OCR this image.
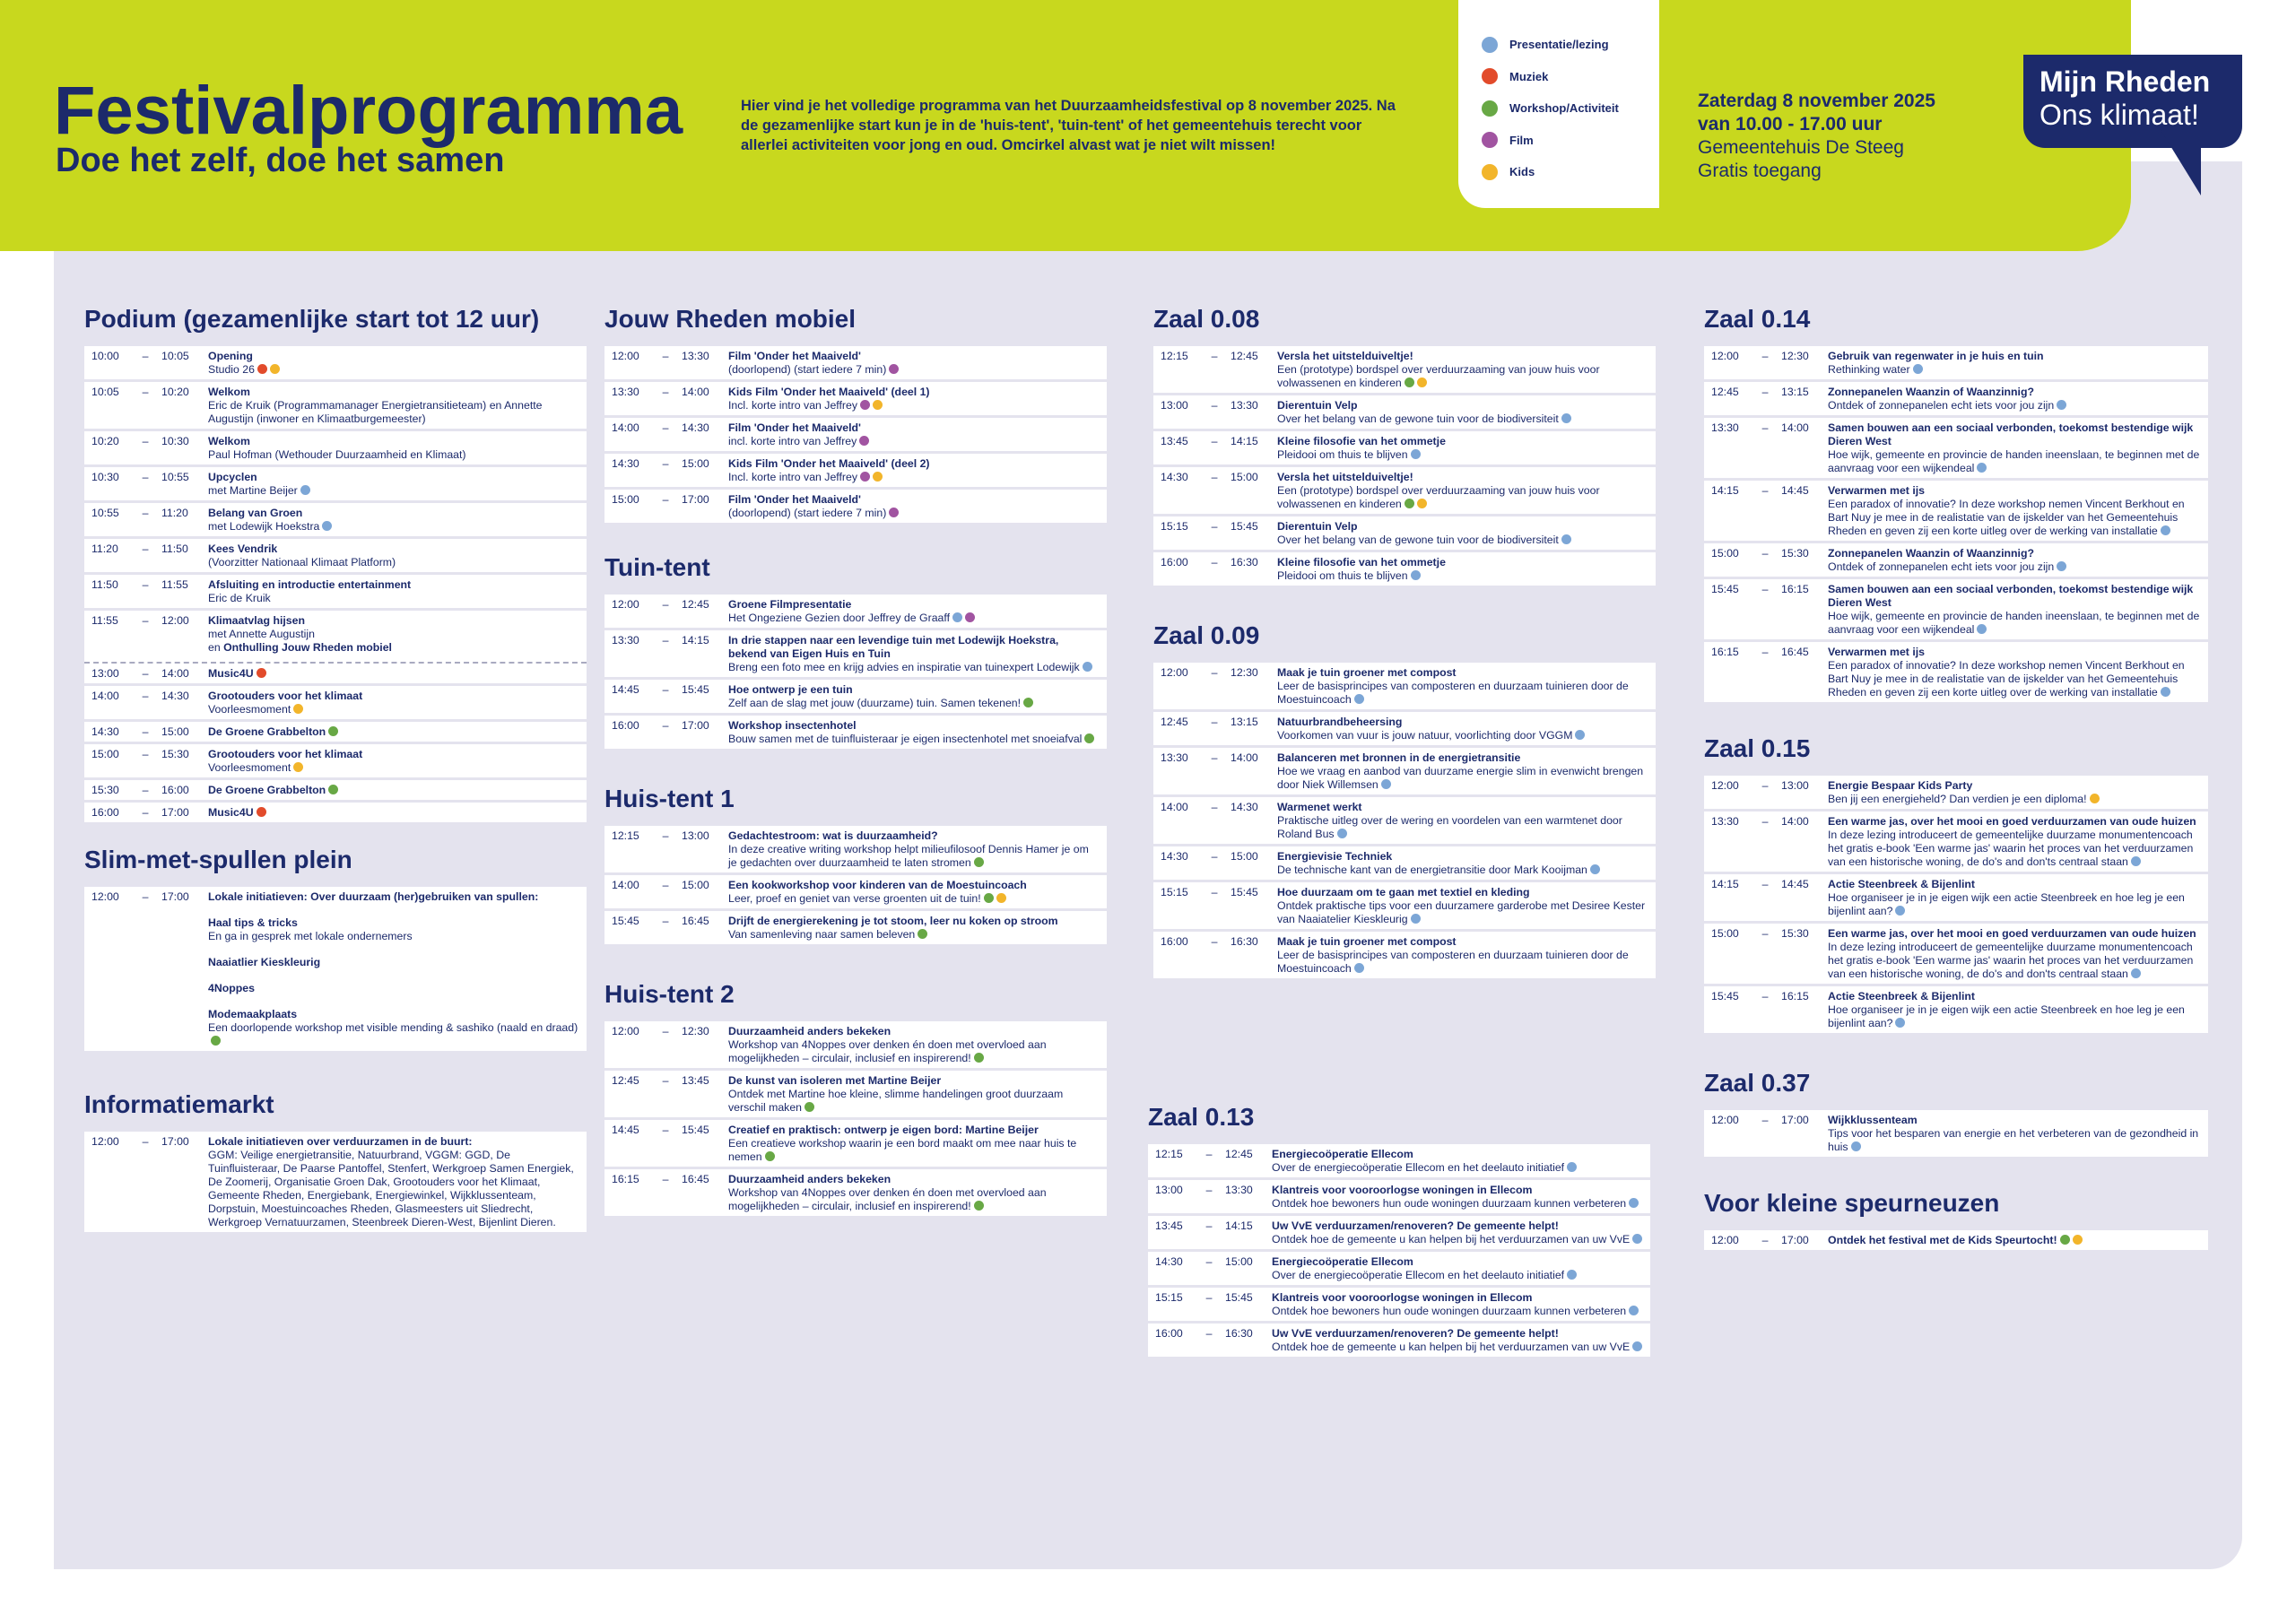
Festivalprogramma
Doe het zelf, doe het samen
Hier vind je het volledige programma van het Duurzaamheidsfestival op 8 november 2025. Na de gezamenlijke start kun je in de 'huis-tent', 'tuin-tent' of het gemeentehuis terecht voor allerlei activiteiten voor jong en oud. Omcirkel alvast wat je niet wilt missen!
Presentatie/lezing
Muziek
Workshop/Activiteit
Film
Kids
Zaterdag 8 november 2025
van 10.00 - 17.00 uur
Gemeentehuis De Steeg
Gratis toegang
Mijn Rheden
Ons klimaat!
Podium (gezamenlijke start tot 12 uur)
10:00	–	10:05	Opening
Studio 26
10:05	–	10:20	Welkom
Eric de Kruik (Programmamanager Energietransitieteam) en Annette Augustijn (inwoner en Klimaatburgemeester)
10:20	–	10:30	Welkom
Paul Hofman (Wethouder Duurzaamheid en Klimaat)
10:30	–	10:55	Upcyclen
met Martine Beijer
10:55	–	11:20	Belang van Groen
met Lodewijk Hoekstra
11:20	–	11:50	Kees Vendrik
(Voorzitter Nationaal Klimaat Platform)
11:50	–	11:55	Afsluiting en introductie entertainment
Eric de Kruik
11:55	–	12:00	Klimaatvlag hijsen
met Annette Augustijn
en Onthulling Jouw Rheden mobiel
13:00	–	14:00	Music4U
14:00	–	14:30	Grootouders voor het klimaat
Voorleesmoment
14:30	–	15:00	De Groene Grabbelton
15:00	–	15:30	Grootouders voor het klimaat
Voorleesmoment
15:30	–	16:00	De Groene Grabbelton
16:00	–	17:00	Music4U
Slim-met-spullen plein
12:00	–	17:00	Lokale initiatieven: Over duurzaam (her)gebruiken van spullen:
Haal tips & tricks
En ga in gesprek met lokale ondernemers
Naaiatlier Kieskleurig
4Noppes
Modemaakplaats
Een doorlopende workshop met visible mending & sashiko (naald en draad)
Informatiemarkt
12:00	–	17:00	Lokale initiatieven over verduurzamen in de buurt:
GGM: Veilige energietransitie, Natuurbrand, VGGM: GGD, De Tuinfluisteraar, De Paarse Pantoffel, Stenfert, Werkgroep Samen Energiek, De Zoomerij, Organisatie Groen Dak, Grootouders voor het Klimaat, Gemeente Rheden, Energiebank, Energiewinkel, Wijkklussenteam, Dorpstuin, Moestuincoaches Rheden, Glasmeesters uit Sliedrecht, Werkgroep Vernatuurzamen, Steenbreek Dieren-West, Bijenlint Dieren.
Jouw Rheden mobiel
12:00	–	13:30	Film 'Onder het Maaiveld'
(doorlopend) (start iedere 7 min)
13:30	–	14:00	Kids Film 'Onder het Maaiveld' (deel 1)
Incl. korte intro van Jeffrey
14:00	–	14:30	Film 'Onder het Maaiveld'
incl. korte intro van Jeffrey
14:30	–	15:00	Kids Film 'Onder het Maaiveld' (deel 2)
Incl. korte intro van Jeffrey
15:00	–	17:00	Film 'Onder het Maaiveld'
(doorlopend) (start iedere 7 min)
Tuin-tent
12:00	–	12:45	Groene Filmpresentatie
Het Ongeziene Gezien door Jeffrey de Graaff
13:30	–	14:15	In drie stappen naar een levendige tuin met Lodewijk Hoekstra, bekend van Eigen Huis en Tuin
Breng een foto mee en krijg advies en inspiratie van tuinexpert Lodewijk
14:45	–	15:45	Hoe ontwerp je een tuin
Zelf aan de slag met jouw (duurzame) tuin. Samen tekenen!
16:00	–	17:00	Workshop insectenhotel
Bouw samen met de tuinfluisteraar je eigen insectenhotel met snoeiafval
Huis-tent 1
12:15	–	13:00	Gedachtestroom: wat is duurzaamheid?
In deze creative writing workshop helpt milieufilosoof Dennis Hamer je om je gedachten over duurzaamheid te laten stromen
14:00	–	15:00	Een kookworkshop voor kinderen van de Moestuincoach
Leer, proef en geniet van verse groenten uit de tuin!
15:45	–	16:45	Drijft de energierekening je tot stoom, leer nu koken op stroom
Van samenleving naar samen beleven
Huis-tent 2
12:00	–	12:30	Duurzaamheid anders bekeken
Workshop van 4Noppes over denken én doen met overvloed aan mogelijkheden – circulair, inclusief en inspirerend!
12:45	–	13:45	De kunst van isoleren met Martine Beijer
Ontdek met Martine hoe kleine, slimme handelingen groot duurzaam verschil maken
14:45	–	15:45	Creatief en praktisch: ontwerp je eigen bord: Martine Beijer
Een creatieve workshop waarin je een bord maakt om mee naar huis te nemen
16:15	–	16:45	Duurzaamheid anders bekeken
Workshop van 4Noppes over denken én doen met overvloed aan mogelijkheden – circulair, inclusief en inspirerend!
Zaal 0.08
12:15	–	12:45	Versla het uitstelduiveltje!
Een (prototype) bordspel over verduurzaaming van jouw huis voor volwassenen en kinderen
13:00	–	13:30	Dierentuin Velp
Over het belang van de gewone tuin voor de biodiversiteit
13:45	–	14:15	Kleine filosofie van het ommetje
Pleidooi om thuis te blijven
14:30	–	15:00	Versla het uitstelduiveltje!
Een (prototype) bordspel over verduurzaaming van jouw huis voor volwassenen en kinderen
15:15	–	15:45	Dierentuin Velp
Over het belang van de gewone tuin voor de biodiversiteit
16:00	–	16:30	Kleine filosofie van het ommetje
Pleidooi om thuis te blijven
Zaal 0.09
12:00	–	12:30	Maak je tuin groener met compost
Leer de basisprincipes van composteren en duurzaam tuinieren door de Moestuincoach
12:45	–	13:15	Natuurbrandbeheersing
Voorkomen van vuur is jouw natuur, voorlichting door VGGM
13:30	–	14:00	Balanceren met bronnen in de energietransitie
Hoe we vraag en aanbod van duurzame energie slim in evenwicht brengen door Niek Willemsen
14:00	–	14:30	Warmenet werkt
Praktische uitleg over de wering en voordelen van een warmtenet door Roland Bus
14:30	–	15:00	Energievisie Techniek
De technische kant van de energietransitie door Mark Kooijman
15:15	–	15:45	Hoe duurzaam om te gaan met textiel en kleding
Ontdek praktische tips voor een duurzamere garderobe met Desiree Kester van Naaiatelier Kieskleurig
16:00	–	16:30	Maak je tuin groener met compost
Leer de basisprincipes van composteren en duurzaam tuinieren door de Moestuincoach
Zaal 0.13
12:15	–	12:45	Energiecoöperatie Ellecom
Over de energiecoöperatie Ellecom en het deelauto initiatief
13:00	–	13:30	Klantreis voor vooroorlogse woningen in Ellecom
Ontdek hoe bewoners hun oude woningen duurzaam kunnen verbeteren
13:45	–	14:15	Uw VvE verduurzamen/renoveren? De gemeente helpt!
Ontdek hoe de gemeente u kan helpen bij het verduurzamen van uw VvE
14:30	–	15:00	Energiecoöperatie Ellecom
Over de energiecoöperatie Ellecom en het deelauto initiatief
15:15	–	15:45	Klantreis voor vooroorlogse woningen in Ellecom
Ontdek hoe bewoners hun oude woningen duurzaam kunnen verbeteren
16:00	–	16:30	Uw VvE verduurzamen/renoveren? De gemeente helpt!
Ontdek hoe de gemeente u kan helpen bij het verduurzamen van uw VvE
Zaal 0.14
12:00	–	12:30	Gebruik van regenwater in je huis en tuin
Rethinking water
12:45	–	13:15	Zonnepanelen Waanzin of Waanzinnig?
Ontdek of zonnepanelen echt iets voor jou zijn
13:30	–	14:00	Samen bouwen aan een sociaal verbonden, toekomst bestendige wijk Dieren West
Hoe wijk, gemeente en provincie de handen ineenslaan, te beginnen met de aanvraag voor een wijkendeal
14:15	–	14:45	Verwarmen met ijs
Een paradox of innovatie? In deze workshop nemen Vincent Berkhout en Bart Nuy je mee in de realistatie van de ijskelder van het Gemeentehuis Rheden en geven zij een korte uitleg over de werking van installatie
15:00	–	15:30	Zonnepanelen Waanzin of Waanzinnig?
Ontdek of zonnepanelen echt iets voor jou zijn
15:45	–	16:15	Samen bouwen aan een sociaal verbonden, toekomst bestendige wijk Dieren West
Hoe wijk, gemeente en provincie de handen ineenslaan, te beginnen met de aanvraag voor een wijkendeal
16:15	–	16:45	Verwarmen met ijs
Een paradox of innovatie? In deze workshop nemen Vincent Berkhout en Bart Nuy je mee in de realistatie van de ijskelder van het Gemeentehuis Rheden en geven zij een korte uitleg over de werking van installatie
Zaal 0.15
12:00	–	13:00	Energie Bespaar Kids Party
Ben jij een energieheld? Dan verdien je een diploma!
13:30	–	14:00	Een warme jas, over het mooi en goed verduurzamen van oude huizen
In deze lezing introduceert de gemeentelijke duurzame monumentencoach het gratis e-book 'Een warme jas' waarin het proces van het verduurzamen van een historische woning, de do's and don'ts centraal staan
14:15	–	14:45	Actie Steenbreek & Bijenlint
Hoe organiseer je in je eigen wijk een actie Steenbreek en hoe leg je een bijenlint aan?
15:00	–	15:30	Een warme jas, over het mooi en goed verduurzamen van oude huizen
In deze lezing introduceert de gemeentelijke duurzame monumentencoach het gratis e-book 'Een warme jas' waarin het proces van het verduurzamen van een historische woning, de do's and don'ts centraal staan
15:45	–	16:15	Actie Steenbreek & Bijenlint
Hoe organiseer je in je eigen wijk een actie Steenbreek en hoe leg je een bijenlint aan?
Zaal 0.37
12:00	–	17:00	Wijkklussenteam
Tips voor het besparen van energie en het verbeteren van de gezondheid in huis
Voor kleine speurneuzen
12:00	–	17:00	Ontdek het festival met de Kids Speurtocht!
